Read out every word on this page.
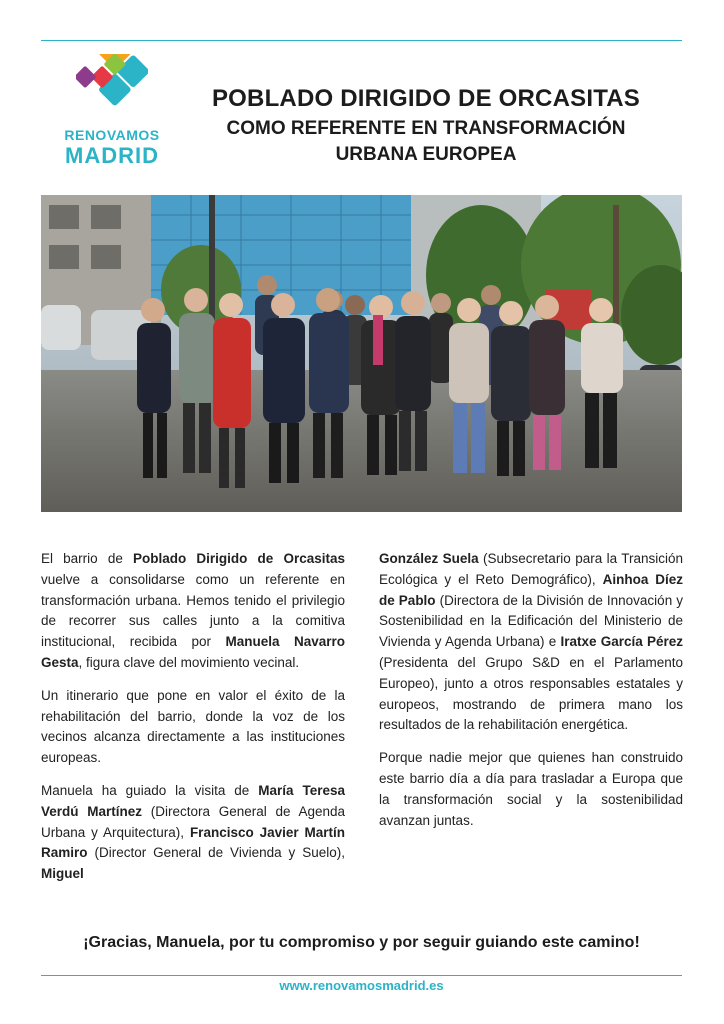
RENOVAMOS
MADRID
POBLADO DIRIGIDO DE ORCASITAS
COMO REFERENTE EN TRANSFORMACIÓN
URBANA EUROPEA

El barrio de Poblado Dirigido de Orcasitas vuelve a consolidarse como un referente en transformación urbana. Hemos tenido el privilegio de recorrer sus calles junto a la comitiva institucional, recibida por Manuela Navarro Gesta, figura clave del movimiento vecinal.

Un itinerario que pone en valor el éxito de la rehabilitación del barrio, donde la voz de los vecinos alcanza directamente a las instituciones europeas.

Manuela ha guiado la visita de María Teresa Verdú Martínez (Directora General de Agenda Urbana y Arquitectura), Francisco Javier Martín Ramiro (Director General de Vivienda y Suelo), Miguel

González Suela (Subsecretario para la Transición Ecológica y el Reto Demográfico), Ainhoa Díez de Pablo (Directora de la División de Innovación y Sostenibilidad en la Edificación del Ministerio de Vivienda y Agenda Urbana) e Iratxe García Pérez (Presidenta del Grupo S&D en el Parlamento Europeo), junto a otros responsables estatales y europeos, mostrando de primera mano los resultados de la rehabilitación energética.

Porque nadie mejor que quienes han construido este barrio día a día para trasladar a Europa que la transformación social y la sostenibilidad avanzan juntas.

¡Gracias, Manuela, por tu compromiso y por seguir guiando este camino!
www.renovamosmadrid.es
